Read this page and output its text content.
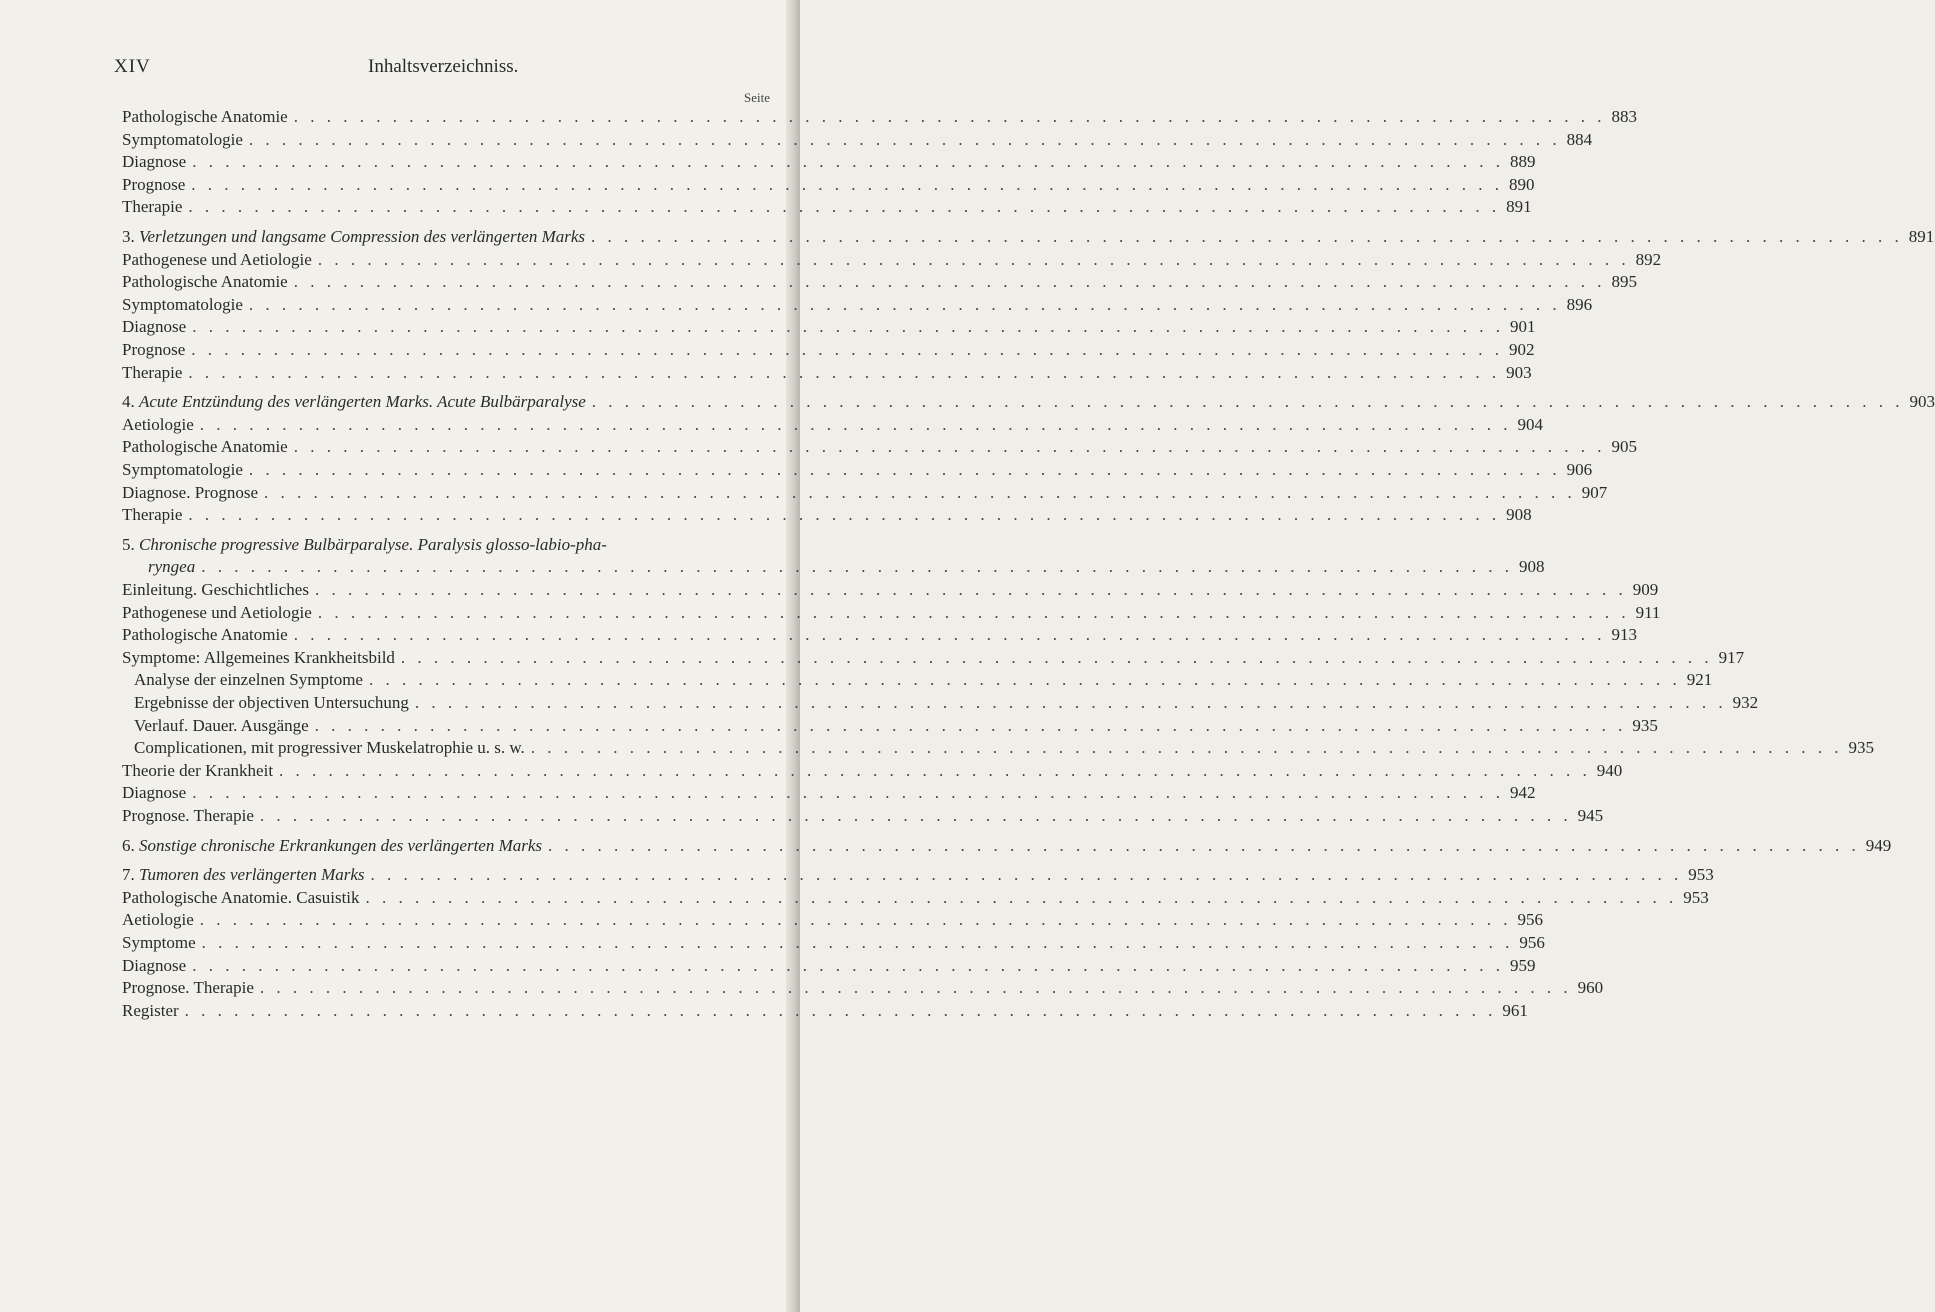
XIV	Inhaltsverzeichniss.
Seite
Pathologische Anatomie . . . . . . . . . . . . . . . . . . . . . . . . . . . . . . . . . . . . . . . . . . . . . . . . . . . . . . . . . . . . . . . . . . . . . . . . . . . . . . . . 883
Symptomatologie . . . . . . . . . . . . . . . . . . . . . . . . . . . . . . . . . . . . . . . . . . . . . . . . . . . . . . . . . . . . . . . . . . . . . . . . . . . . . . . . 884
Diagnose . . . . . . . . . . . . . . . . . . . . . . . . . . . . . . . . . . . . . . . . . . . . . . . . . . . . . . . . . . . . . . . . . . . . . . . . . . . . . . . . 889
Prognose . . . . . . . . . . . . . . . . . . . . . . . . . . . . . . . . . . . . . . . . . . . . . . . . . . . . . . . . . . . . . . . . . . . . . . . . . . . . . . . . 890
Therapie . . . . . . . . . . . . . . . . . . . . . . . . . . . . . . . . . . . . . . . . . . . . . . . . . . . . . . . . . . . . . . . . . . . . . . . . . . . . . . . . 891
3. Verletzungen und langsame Compression des verlängerten Marks . . . . . . . . . . . . . . . . . . . . . . . . . . . . . . . . . . . . . . . . . . . . . . . . . . . . . . . . . . . . . . . . . . . . . . . . . . . . . . . . 891
Pathogenese und Aetiologie . . . . . . . . . . . . . . . . . . . . . . . . . . . . . . . . . . . . . . . . . . . . . . . . . . . . . . . . . . . . . . . . . . . . . . . . . . . . . . . . 892
Pathologische Anatomie . . . . . . . . . . . . . . . . . . . . . . . . . . . . . . . . . . . . . . . . . . . . . . . . . . . . . . . . . . . . . . . . . . . . . . . . . . . . . . . . 895
Symptomatologie . . . . . . . . . . . . . . . . . . . . . . . . . . . . . . . . . . . . . . . . . . . . . . . . . . . . . . . . . . . . . . . . . . . . . . . . . . . . . . . . 896
Diagnose . . . . . . . . . . . . . . . . . . . . . . . . . . . . . . . . . . . . . . . . . . . . . . . . . . . . . . . . . . . . . . . . . . . . . . . . . . . . . . . . 901
Prognose . . . . . . . . . . . . . . . . . . . . . . . . . . . . . . . . . . . . . . . . . . . . . . . . . . . . . . . . . . . . . . . . . . . . . . . . . . . . . . . . 902
Therapie . . . . . . . . . . . . . . . . . . . . . . . . . . . . . . . . . . . . . . . . . . . . . . . . . . . . . . . . . . . . . . . . . . . . . . . . . . . . . . . . 903
4. Acute Entzündung des verlängerten Marks. Acute Bulbärparalyse . . . . . . . . . . . . . . . . . . . . . . . . . . . . . . . . . . . . . . . . . . . . . . . . . . . . . . . . . . . . . . . . . . . . . . . . . . . . . . . . 903
Aetiologie . . . . . . . . . . . . . . . . . . . . . . . . . . . . . . . . . . . . . . . . . . . . . . . . . . . . . . . . . . . . . . . . . . . . . . . . . . . . . . . . 904
Pathologische Anatomie . . . . . . . . . . . . . . . . . . . . . . . . . . . . . . . . . . . . . . . . . . . . . . . . . . . . . . . . . . . . . . . . . . . . . . . . . . . . . . . . 905
Symptomatologie . . . . . . . . . . . . . . . . . . . . . . . . . . . . . . . . . . . . . . . . . . . . . . . . . . . . . . . . . . . . . . . . . . . . . . . . . . . . . . . . 906
Diagnose. Prognose . . . . . . . . . . . . . . . . . . . . . . . . . . . . . . . . . . . . . . . . . . . . . . . . . . . . . . . . . . . . . . . . . . . . . . . . . . . . . . . . 907
Therapie . . . . . . . . . . . . . . . . . . . . . . . . . . . . . . . . . . . . . . . . . . . . . . . . . . . . . . . . . . . . . . . . . . . . . . . . . . . . . . . . 908
5. Chronische progressive Bulbärparalyse. Paralysis glosso-labio-pha-
ryngea . . . . . . . . . . . . . . . . . . . . . . . . . . . . . . . . . . . . . . . . . . . . . . . . . . . . . . . . . . . . . . . . . . . . . . . . . . . . . . . . 908
Einleitung. Geschichtliches . . . . . . . . . . . . . . . . . . . . . . . . . . . . . . . . . . . . . . . . . . . . . . . . . . . . . . . . . . . . . . . . . . . . . . . . . . . . . . . . 909
Pathogenese und Aetiologie . . . . . . . . . . . . . . . . . . . . . . . . . . . . . . . . . . . . . . . . . . . . . . . . . . . . . . . . . . . . . . . . . . . . . . . . . . . . . . . . 911
Pathologische Anatomie . . . . . . . . . . . . . . . . . . . . . . . . . . . . . . . . . . . . . . . . . . . . . . . . . . . . . . . . . . . . . . . . . . . . . . . . . . . . . . . . 913
Symptome: Allgemeines Krankheitsbild . . . . . . . . . . . . . . . . . . . . . . . . . . . . . . . . . . . . . . . . . . . . . . . . . . . . . . . . . . . . . . . . . . . . . . . . . . . . . . . . 917
Analyse der einzelnen Symptome . . . . . . . . . . . . . . . . . . . . . . . . . . . . . . . . . . . . . . . . . . . . . . . . . . . . . . . . . . . . . . . . . . . . . . . . . . . . . . . . 921
Ergebnisse der objectiven Untersuchung . . . . . . . . . . . . . . . . . . . . . . . . . . . . . . . . . . . . . . . . . . . . . . . . . . . . . . . . . . . . . . . . . . . . . . . . . . . . . . . . 932
Verlauf. Dauer. Ausgänge . . . . . . . . . . . . . . . . . . . . . . . . . . . . . . . . . . . . . . . . . . . . . . . . . . . . . . . . . . . . . . . . . . . . . . . . . . . . . . . . 935
Complicationen, mit progressiver Muskelatrophie u. s. w. . . . . . . . . . . . . . . . . . . . . . . . . . . . . . . . . . . . . . . . . . . . . . . . . . . . . . . . . . . . . . . . . . . . . . . . . . . . . . . . . 935
Theorie der Krankheit . . . . . . . . . . . . . . . . . . . . . . . . . . . . . . . . . . . . . . . . . . . . . . . . . . . . . . . . . . . . . . . . . . . . . . . . . . . . . . . . 940
Diagnose . . . . . . . . . . . . . . . . . . . . . . . . . . . . . . . . . . . . . . . . . . . . . . . . . . . . . . . . . . . . . . . . . . . . . . . . . . . . . . . . 942
Prognose. Therapie . . . . . . . . . . . . . . . . . . . . . . . . . . . . . . . . . . . . . . . . . . . . . . . . . . . . . . . . . . . . . . . . . . . . . . . . . . . . . . . . 945
6. Sonstige chronische Erkrankungen des verlängerten Marks . . . . . . . . . . . . . . . . . . . . . . . . . . . . . . . . . . . . . . . . . . . . . . . . . . . . . . . . . . . . . . . . . . . . . . . . . . . . . . . . 949
7. Tumoren des verlängerten Marks . . . . . . . . . . . . . . . . . . . . . . . . . . . . . . . . . . . . . . . . . . . . . . . . . . . . . . . . . . . . . . . . . . . . . . . . . . . . . . . . 953
Pathologische Anatomie. Casuistik . . . . . . . . . . . . . . . . . . . . . . . . . . . . . . . . . . . . . . . . . . . . . . . . . . . . . . . . . . . . . . . . . . . . . . . . . . . . . . . . 953
Aetiologie . . . . . . . . . . . . . . . . . . . . . . . . . . . . . . . . . . . . . . . . . . . . . . . . . . . . . . . . . . . . . . . . . . . . . . . . . . . . . . . . 956
Symptome . . . . . . . . . . . . . . . . . . . . . . . . . . . . . . . . . . . . . . . . . . . . . . . . . . . . . . . . . . . . . . . . . . . . . . . . . . . . . . . . 956
Diagnose . . . . . . . . . . . . . . . . . . . . . . . . . . . . . . . . . . . . . . . . . . . . . . . . . . . . . . . . . . . . . . . . . . . . . . . . . . . . . . . . 959
Prognose. Therapie . . . . . . . . . . . . . . . . . . . . . . . . . . . . . . . . . . . . . . . . . . . . . . . . . . . . . . . . . . . . . . . . . . . . . . . . . . . . . . . . 960
Register . . . . . . . . . . . . . . . . . . . . . . . . . . . . . . . . . . . . . . . . . . . . . . . . . . . . . . . . . . . . . . . . . . . . . . . . . . . . . . . . 961
